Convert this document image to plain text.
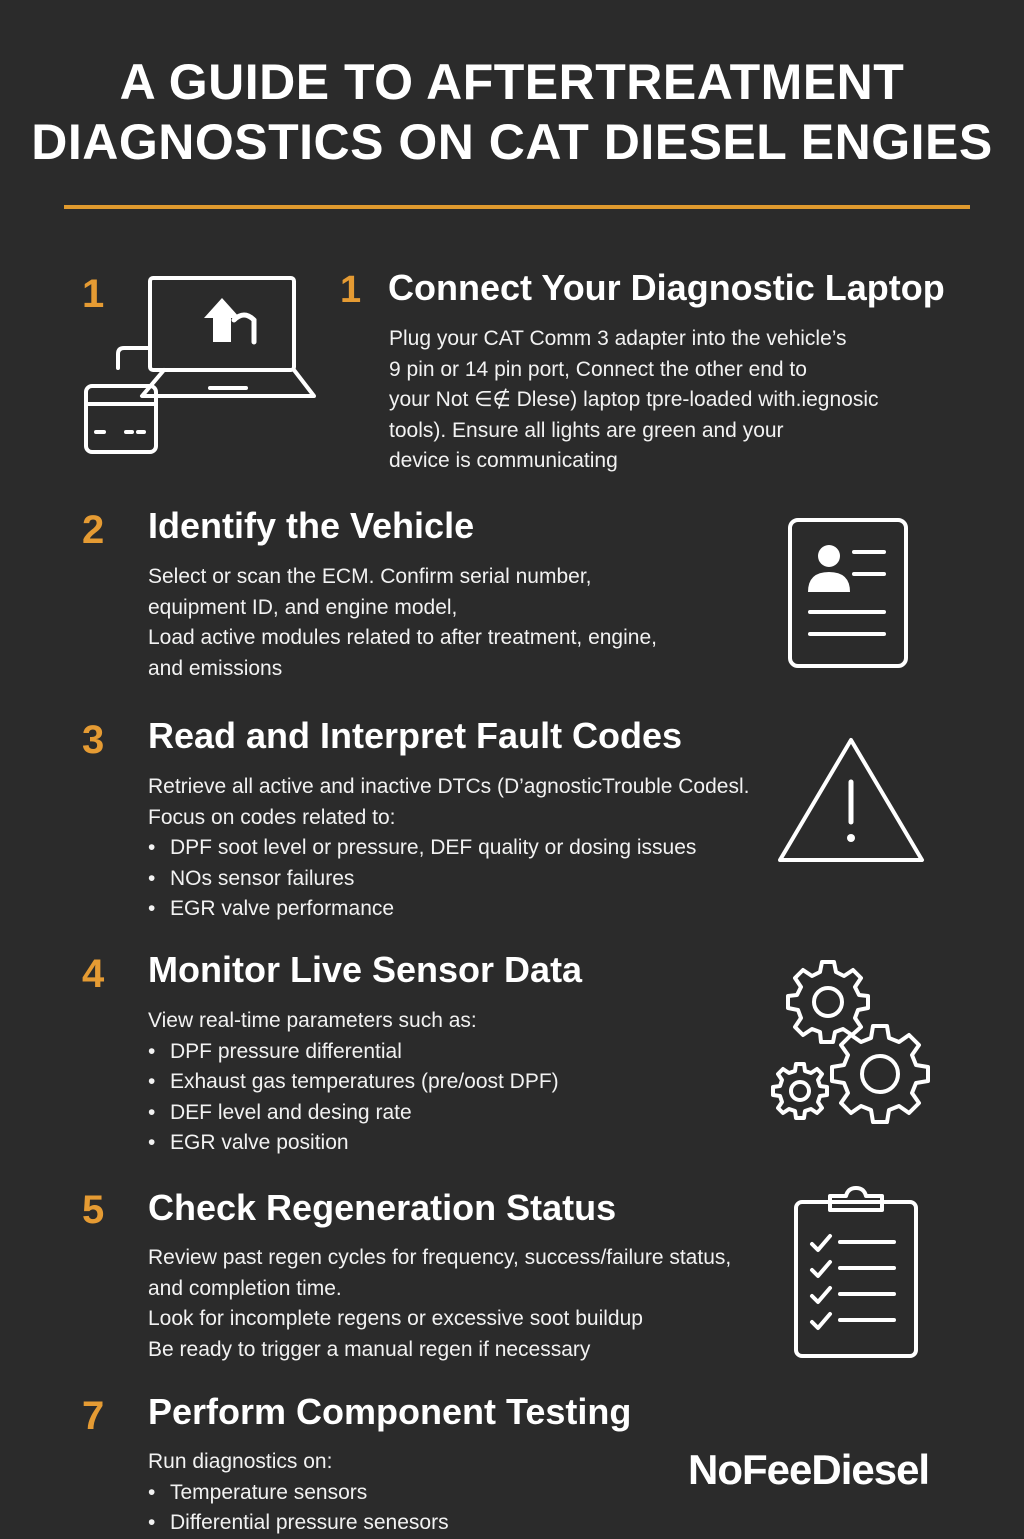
A GUIDE TO AFTERTREATMENT
DIAGNOSTICS ON CAT DIESEL ENGIES
1	1 Connect Your Diagnostic Laptop
Plug your CAT Comm 3 adapter into the vehicle’s
9 pin or 14 pin port, Connect the other end to
your Not ∈∉ Dlese) laptop tpre-loaded with.iegnosic
tools). Ensure all lights are green and your
device is communicating
2 Identify the Vehicle
Select or scan the ECM. Confirm serial number,
equipment ID, and engine model,
Load active modules related to after treatment, engine,
and emissions
3 Read and Interpret Fault Codes
Retrieve all active and inactive DTCs (D’agnosticTrouble Codesl.
Focus on codes related to:
• DPF soot level or pressure, DEF quality or dosing issues
• NOs sensor failures
• EGR valve performance
4 Monitor Live Sensor Data
View real-time parameters such as:
• DPF pressure differential
• Exhaust gas temperatures (pre/oost DPF)
• DEF level and desing rate
• EGR valve position
5 Check Regeneration Status
Review past regen cycles for frequency, success/failure status,
and completion time.
Look for incomplete regens or excessive soot buildup
Be ready to trigger a manual regen if necessary
7 Perform Component Testing
Run diagnostics on:
• Temperature sensors
• Differential pressure senesors
NoFeeDiesel
